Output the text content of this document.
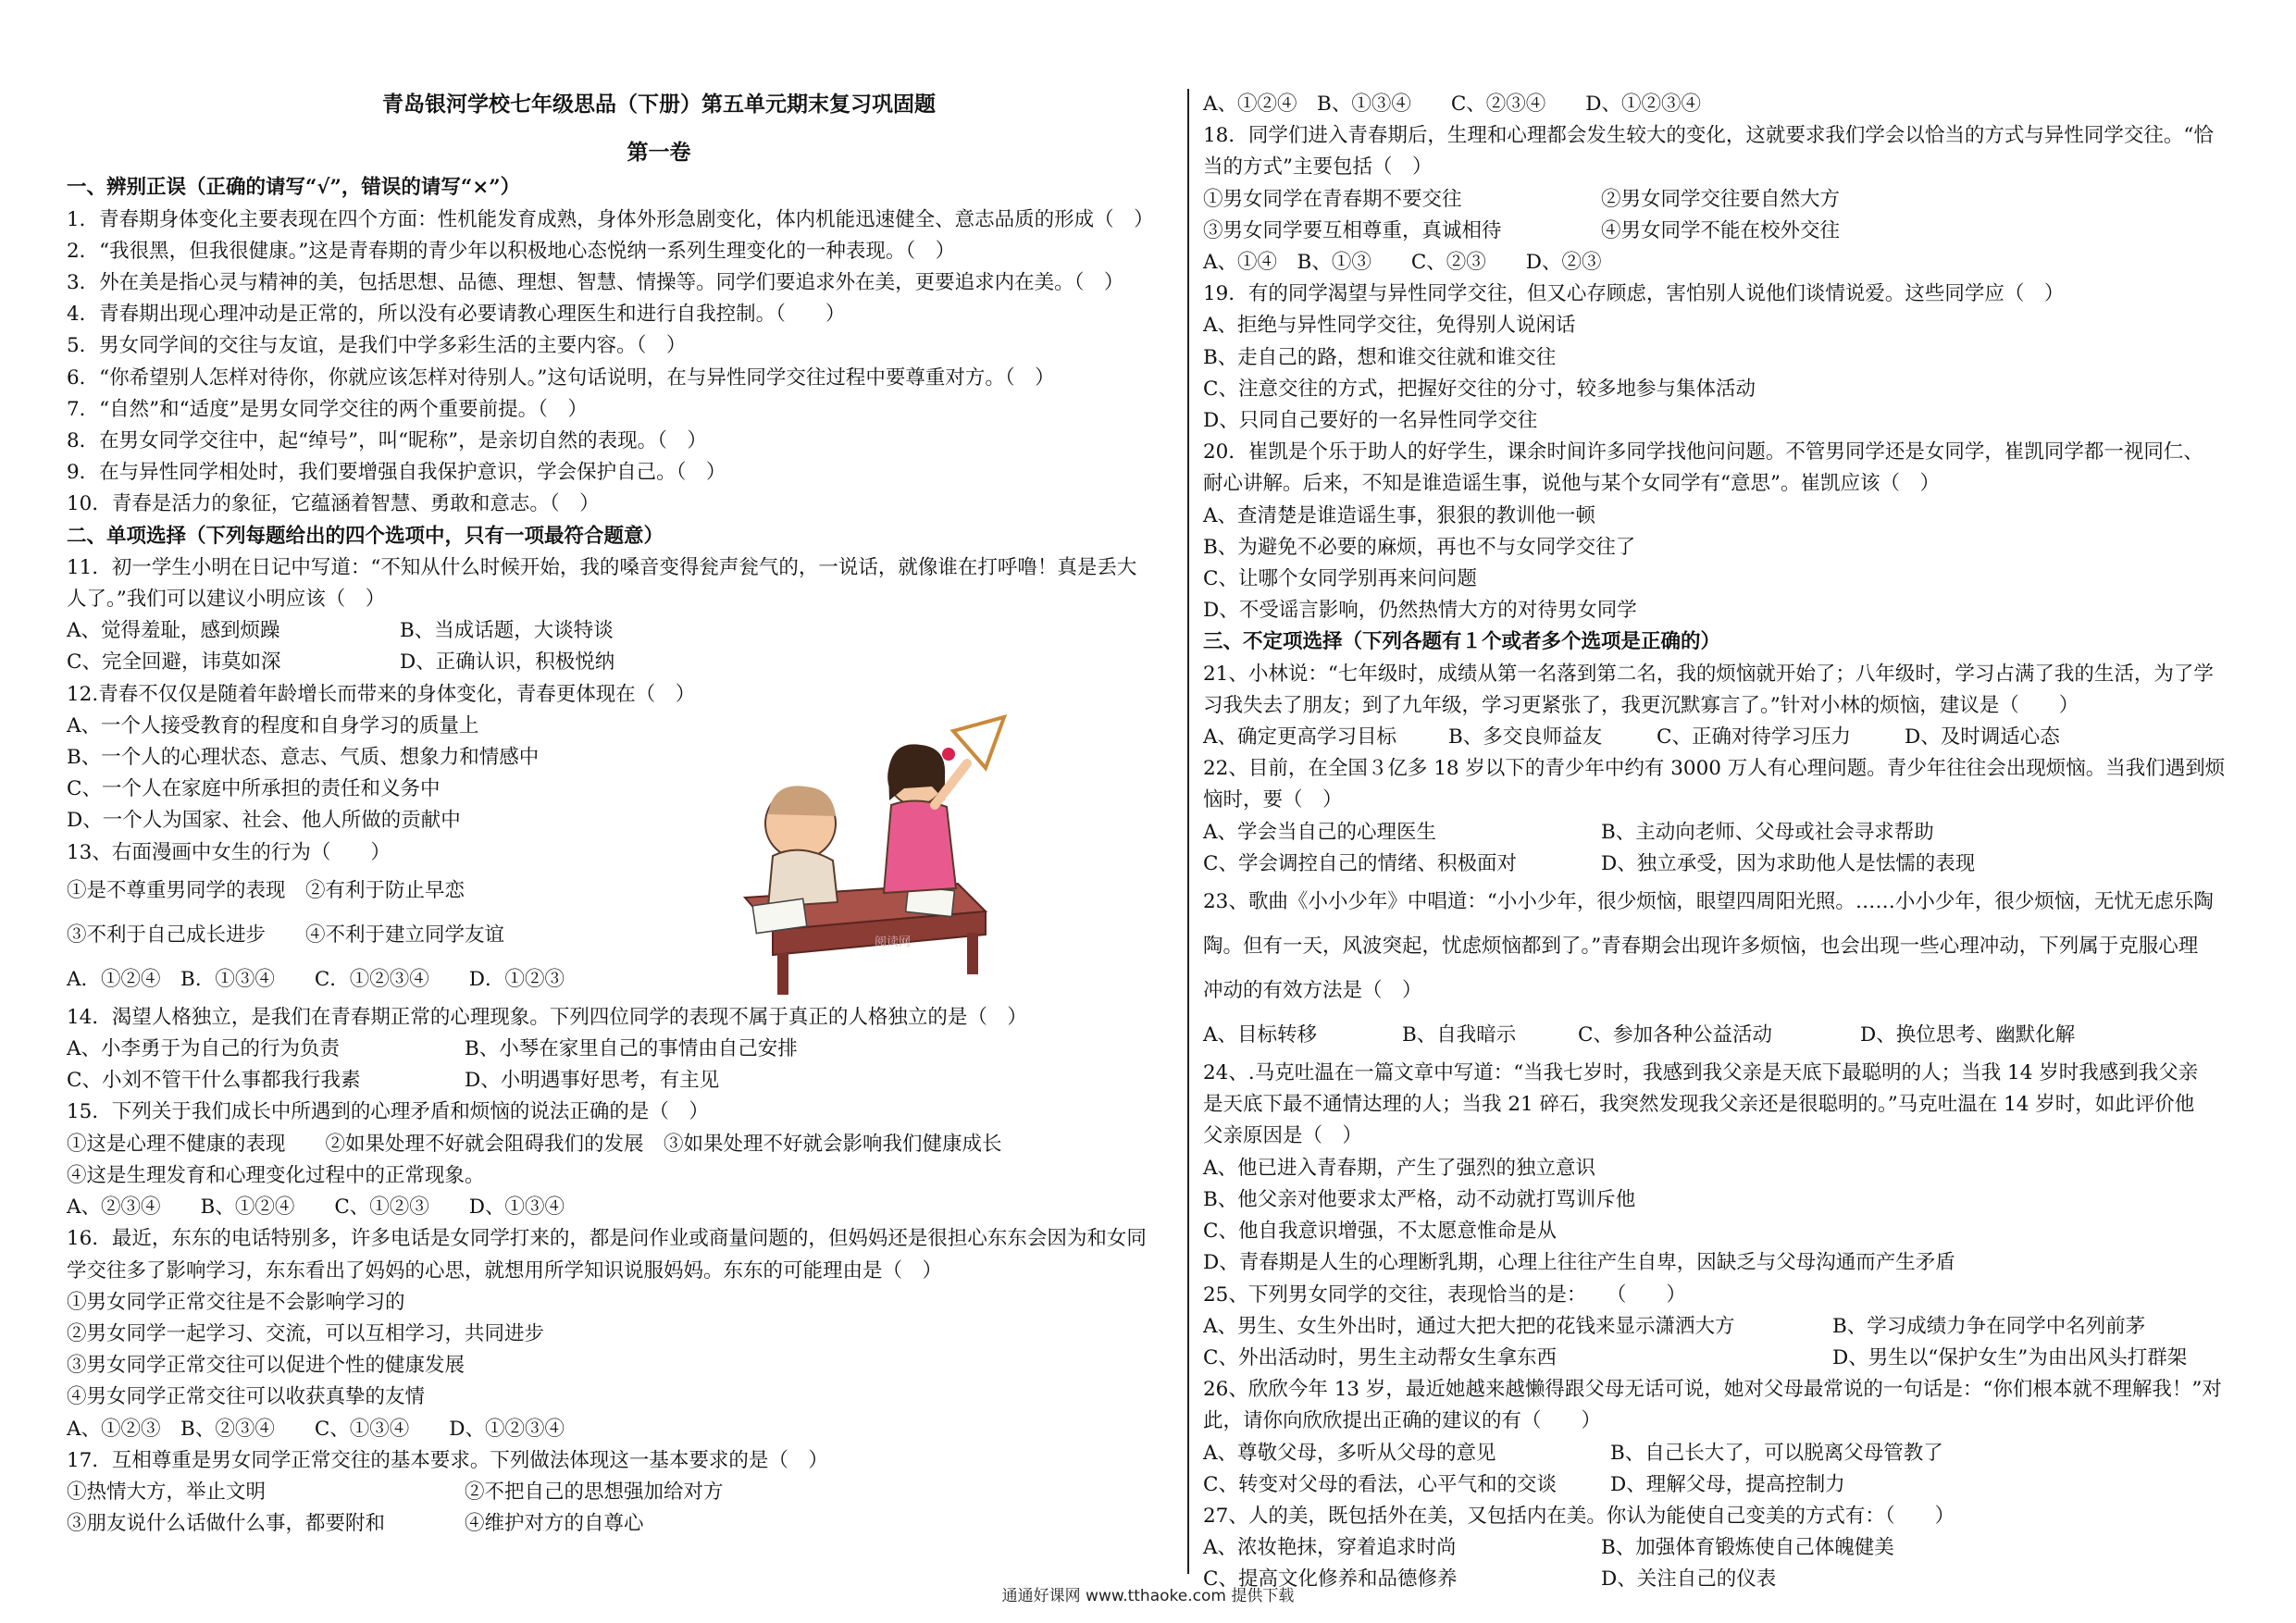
青岛银河学校七年级思品（下册）第五单元期末复习巩固题
第一卷
一、辨别正误（正确的请写“√”，错误的请写“×”）
1．青春期身体变化主要表现在四个方面：性机能发育成熟，身体外形急剧变化，体内机能迅速健全、意志品质的形成（　）
2．“我很黑，但我很健康。”这是青春期的青少年以积极地心态悦纳一系列生理变化的一种表现。（　）
3．外在美是指心灵与精神的美，包括思想、品德、理想、智慧、情操等。同学们要追求外在美，更要追求内在美。（　）
4．青春期出现心理冲动是正常的，所以没有必要请教心理医生和进行自我控制。（　　）
5．男女同学间的交往与友谊，是我们中学多彩生活的主要内容。（　）
6．“你希望别人怎样对待你，你就应该怎样对待别人。”这句话说明，在与异性同学交往过程中要尊重对方。（　）
7．“自然”和“适度”是男女同学交往的两个重要前提。（　）
8．在男女同学交往中，起“绰号”，叫“昵称”，是亲切自然的表现。（　）
9．在与异性同学相处时，我们要增强自我保护意识，学会保护自己。（　）
10．青春是活力的象征，它蕴涵着智慧、勇敢和意志。（　）
二、单项选择（下列每题给出的四个选项中，只有一项最符合题意）
11．初一学生小明在日记中写道：“不知从什么时候开始，我的嗓音变得瓮声瓮气的，一说话，就像谁在打呼噜！真是丢大
人了。”我们可以建议小明应该（　）
A、觉得羞耻，感到烦躁	B、当成话题，大谈特谈
C、完全回避，讳莫如深	D、正确认识，积极悦纳
12.青春不仅仅是随着年龄增长而带来的身体变化，青春更体现在（　）
A、一个人接受教育的程度和自身学习的质量上
B、一个人的心理状态、意志、气质、想象力和情感中
C、一个人在家庭中所承担的责任和义务中
D、一个人为国家、社会、他人所做的贡献中
13、右面漫画中女生的行为（　　）
①是不尊重男同学的表现　②有利于防止早恋
③不利于自己成长进步　　④不利于建立同学友谊
A．①②④　B．①③④　　C．①②③④　　D．①②③
14．渴望人格独立，是我们在青春期正常的心理现象。下列四位同学的表现不属于真正的人格独立的是（　）
A、小李勇于为自己的行为负责	B、小琴在家里自己的事情由自己安排
C、小刘不管干什么事都我行我素	D、小明遇事好思考，有主见
15．下列关于我们成长中所遇到的心理矛盾和烦恼的说法正确的是（　）
①这是心理不健康的表现　　②如果处理不好就会阻碍我们的发展　③如果处理不好就会影响我们健康成长
④这是生理发育和心理变化过程中的正常现象。
A、②③④　　B、①②④　　C、①②③　　D、①③④
16．最近，东东的电话特别多，许多电话是女同学打来的，都是问作业或商量问题的，但妈妈还是很担心东东会因为和女同
学交往多了影响学习，东东看出了妈妈的心思，就想用所学知识说服妈妈。东东的可能理由是（　）
①男女同学正常交往是不会影响学习的
②男女同学一起学习、交流，可以互相学习，共同进步
③男女同学正常交往可以促进个性的健康发展
④男女同学正常交往可以收获真挚的友情
A、①②③　B、②③④　　C、①③④　　D、①②③④
17．互相尊重是男女同学正常交往的基本要求。下列做法体现这一基本要求的是（　）
①热情大方，举止文明	②不把自己的思想强加给对方
③朋友说什么话做什么事，都要附和	④维护对方的自尊心
阅读网
A、①②④　B、①③④　　C、②③④　　D、①②③④
18．同学们进入青春期后，生理和心理都会发生较大的变化，这就要求我们学会以恰当的方式与异性同学交往。“恰
当的方式”主要包括（　）
①男女同学在青春期不要交往	②男女同学交往要自然大方
③男女同学要互相尊重，真诚相待	④男女同学不能在校外交往
A、①④　B、①③　　C、②③　　D、②③
19．有的同学渴望与异性同学交往，但又心存顾虑，害怕别人说他们谈情说爱。这些同学应（　）
A、拒绝与异性同学交往，免得别人说闲话
B、走自己的路，想和谁交往就和谁交往
C、注意交往的方式，把握好交往的分寸，较多地参与集体活动
D、只同自己要好的一名异性同学交往
20．崔凯是个乐于助人的好学生，课余时间许多同学找他问问题。不管男同学还是女同学，崔凯同学都一视同仁、
耐心讲解。后来，不知是谁造谣生事，说他与某个女同学有“意思”。崔凯应该（　）
A、查清楚是谁造谣生事，狠狠的教训他一顿
B、为避免不必要的麻烦，再也不与女同学交往了
C、让哪个女同学别再来问问题
D、不受谣言影响，仍然热情大方的对待男女同学
三、不定项选择（下列各题有１个或者多个选项是正确的）
21、小林说：“七年级时，成绩从第一名落到第二名，我的烦恼就开始了；八年级时，学习占满了我的生活，为了学
习我失去了朋友；到了九年级，学习更紧张了，我更沉默寡言了。”针对小林的烦恼，建议是（　　）
A、确定更高学习目标	B、多交良师益友	C、正确对待学习压力	D、及时调适心态
22、目前，在全国３亿多 18 岁以下的青少年中约有 3000 万人有心理问题。青少年往往会出现烦恼。当我们遇到烦
恼时，要（　）
A、学会当自己的心理医生	B、主动向老师、父母或社会寻求帮助
C、学会调控自己的情绪、积极面对	D、独立承受，因为求助他人是怯懦的表现
23、歌曲《小小少年》中唱道：“小小少年，很少烦恼，眼望四周阳光照。……小小少年，很少烦恼，无忧无虑乐陶
陶。但有一天，风波突起，忧虑烦恼都到了。”青春期会出现许多烦恼，也会出现一些心理冲动，下列属于克服心理
冲动的有效方法是（　）
A、目标转移	B、自我暗示	C、参加各种公益活动	D、换位思考、幽默化解
24、.马克吐温在一篇文章中写道：“当我七岁时，我感到我父亲是天底下最聪明的人；当我 14 岁时我感到我父亲
是天底下最不通情达理的人；当我 21 碎石，我突然发现我父亲还是很聪明的。”马克吐温在 14 岁时，如此评价他
父亲原因是（　）
A、他已进入青春期，产生了强烈的独立意识
B、他父亲对他要求太严格，动不动就打骂训斥他
C、他自我意识增强，不太愿意惟命是从
D、青春期是人生的心理断乳期，心理上往往产生自卑，因缺乏与父母沟通而产生矛盾
25、下列男女同学的交往，表现恰当的是：　　（　　）
A、男生、女生外出时，通过大把大把的花钱来显示潇洒大方	B、学习成绩力争在同学中名列前茅
C、外出活动时，男生主动帮女生拿东西	D、男生以“保护女生”为由出风头打群架
26、欣欣今年 13 岁，最近她越来越懒得跟父母无话可说，她对父母最常说的一句话是：“你们根本就不理解我！”对
此，请你向欣欣提出正确的建议的有（　　）
A、尊敬父母，多听从父母的意见	B、自己长大了，可以脱离父母管教了
C、转变对父母的看法，心平气和的交谈	D、理解父母，提高控制力
27、人的美，既包括外在美，又包括内在美。你认为能使自己变美的方式有：（　　）
A、浓妆艳抹，穿着追求时尚	B、加强体育锻炼使自己体魄健美
C、提高文化修养和品德修养	D、关注自己的仪表
通通好课网 www.tthaoke.com 提供下载
